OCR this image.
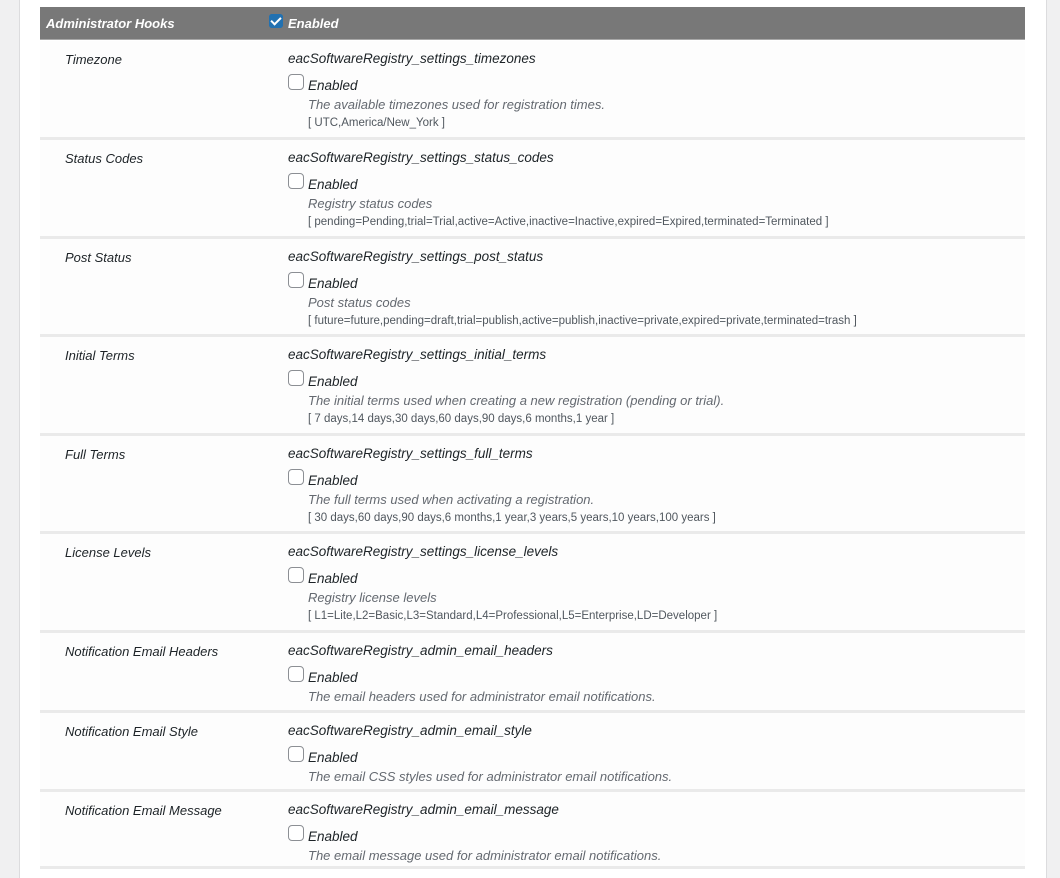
Administrator Hooks	Enabled
Timezone	eacSoftwareRegistry_settings_timezones
Enabled
The available timezones used for registration times.
[ UTC,America/New_York ]
Status Codes	eacSoftwareRegistry_settings_status_codes
Enabled
Registry status codes
[ pending=Pending,trial=Trial,active=Active,inactive=Inactive,expired=Expired,terminated=Terminated ]
Post Status	eacSoftwareRegistry_settings_post_status
Enabled
Post status codes
[ future=future,pending=draft,trial=publish,active=publish,inactive=private,expired=private,terminated=trash ]
Initial Terms	eacSoftwareRegistry_settings_initial_terms
Enabled
The initial terms used when creating a new registration (pending or trial).
[ 7 days,14 days,30 days,60 days,90 days,6 months,1 year ]
Full Terms	eacSoftwareRegistry_settings_full_terms
Enabled
The full terms used when activating a registration.
[ 30 days,60 days,90 days,6 months,1 year,3 years,5 years,10 years,100 years ]
License Levels	eacSoftwareRegistry_settings_license_levels
Enabled
Registry license levels
[ L1=Lite,L2=Basic,L3=Standard,L4=Professional,L5=Enterprise,LD=Developer ]
Notification Email Headers	eacSoftwareRegistry_admin_email_headers
Enabled
The email headers used for administrator email notifications.
Notification Email Style	eacSoftwareRegistry_admin_email_style
Enabled
The email CSS styles used for administrator email notifications.
Notification Email Message	eacSoftwareRegistry_admin_email_message
Enabled
The email message used for administrator email notifications.
